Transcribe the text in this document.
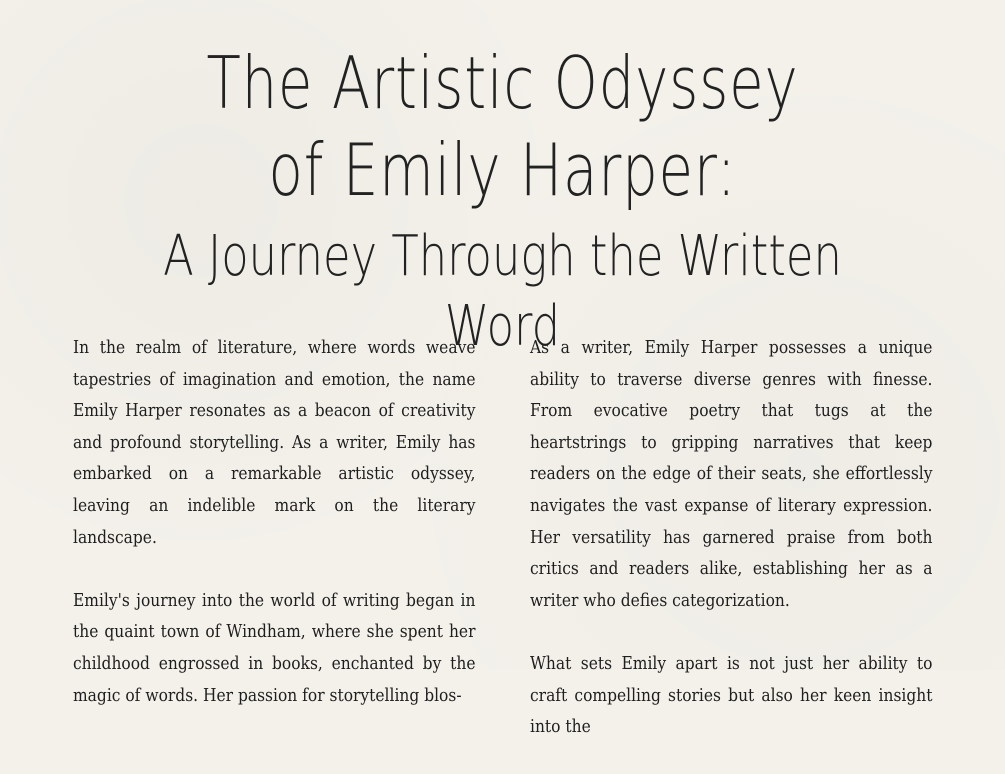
The Artistic Odyssey
of Emily Harper:
A Journey Through the Written Word

In the realm of literature, where words weave tapestries of imagination and emotion, the name Emily Harper resonates as a beacon of creativity and profound storytelling. As a writer, Emily has embarked on a remarkable artistic odyssey, leaving an indelible mark on the literary landscape.

Emily's journey into the world of writing began in the quaint town of Windham, where she spent her childhood engrossed in books, enchanted by the magic of words. Her passion for storytelling blos-

As a writer, Emily Harper possesses a unique ability to traverse diverse genres with finesse. From evocative poetry that tugs at the heartstrings to gripping narratives that keep readers on the edge of their seats, she effortlessly navigates the vast expanse of literary expression. Her versatility has garnered praise from both critics and readers alike, establishing her as a writer who defies categorization.

What sets Emily apart is not just her ability to craft compelling stories but also her keen insight into the
